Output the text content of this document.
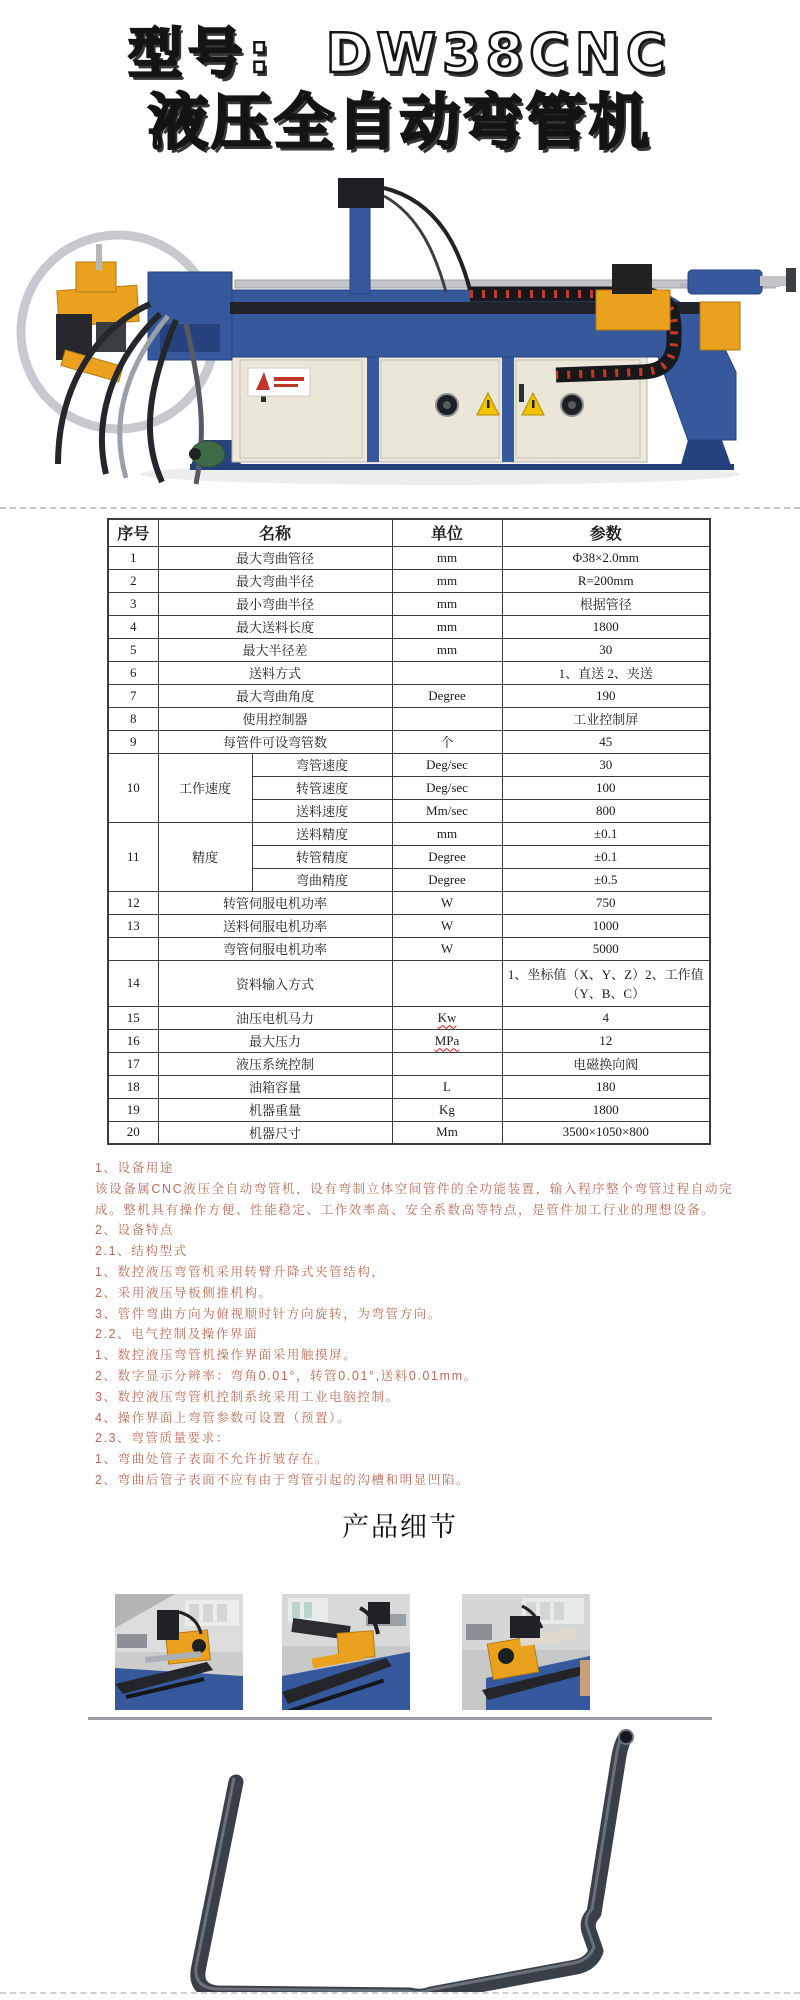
型号:  DW38CNC
液压全自动弯管机
序号	名称		单位	参数
1	最大弯曲管径		mm	Φ38×2.0mm
2	最大弯曲半径		mm	R=200mm
3	最小弯曲半径		mm	根据管径
4	最大送料长度		mm	1800
5	最大半径差		mm	30
6	送料方式			1、直送 2、夹送
7	最大弯曲角度		Degree	190
8	使用控制器			工业控制屏
9	每管件可设弯管数		个	45
10	工作速度	弯管速度	Deg/sec	30
		转管速度	Deg/sec	100
		送料速度	Mm/sec	800
11	精度	送料精度	mm	±0.1
		转管精度	Degree	±0.1
		弯曲精度	Degree	±0.5
12	转管伺服电机功率		W	750
13	送料伺服电机功率		W	1000
	弯管伺服电机功率		W	5000
14	资料输入方式			1、坐标值（X、Y、Z）2、工作值（Y、B、C）
15	油压电机马力		Kw	4
16	最大压力		MPa	12
17	液压系统控制			电磁换向阀
18	油箱容量		L	180
19	机器重量		Kg	1800
20	机器尺寸		Mm	3500×1050×800
1、设备用途
该设备属CNC液压全自动弯管机，设有弯制立体空间管件的全功能装置，输入程序整个弯管过程自动完
成。整机具有操作方便、性能稳定、工作效率高、安全系数高等特点，是管件加工行业的理想设备。
2、设备特点
2.1、结构型式
1、数控液压弯管机采用转臂升降式夹管结构，
2、采用液压导板侧推机构。
3、管件弯曲方向为俯视顺时针方向旋转，为弯管方向。
2.2、电气控制及操作界面
1、数控液压弯管机操作界面采用触摸屏。
2、数字显示分辨率：弯角0.01°，转管0.01°,送料0.01mm。
3、数控液压弯管机控制系统采用工业电脑控制。
4、操作界面上弯管参数可设置（预置）。
2.3、弯管质量要求：
1、弯曲处管子表面不允许折皱存在。
2、弯曲后管子表面不应有由于弯管引起的沟槽和明显凹陷。
产品细节
